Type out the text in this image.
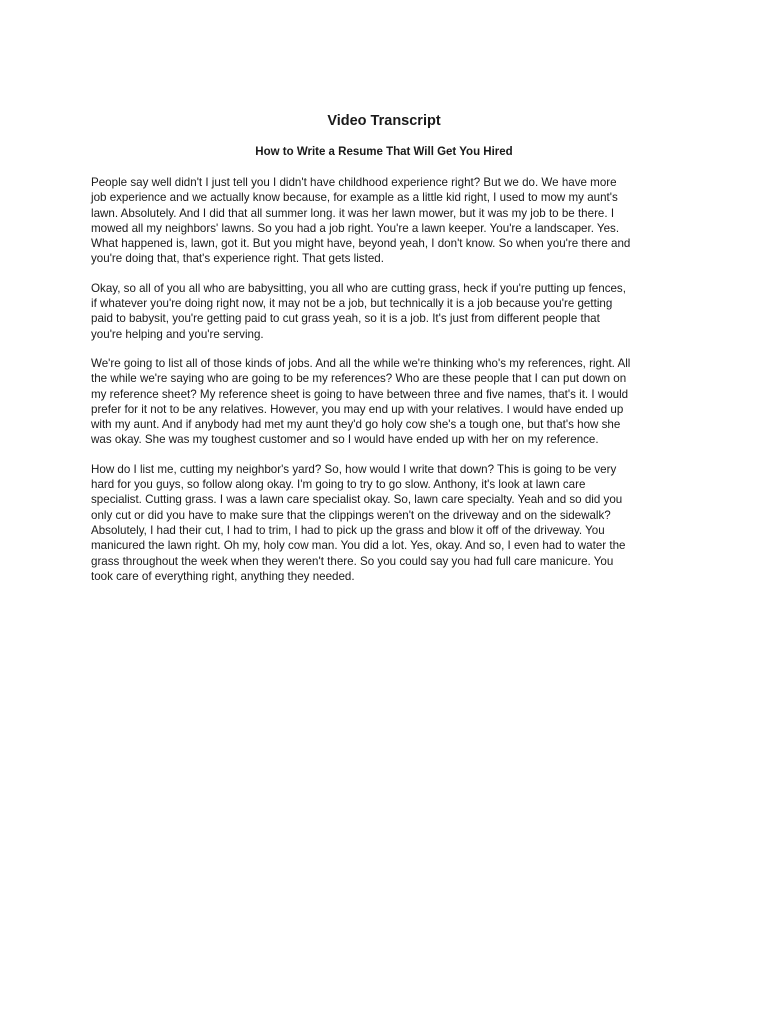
Video Transcript
How to Write a Resume That Will Get You Hired

People say well didn't I just tell you I didn't have childhood experience right? But we do. We have more
job experience and we actually know because, for example as a little kid right, I used to mow my aunt's
lawn. Absolutely. And I did that all summer long. it was her lawn mower, but it was my job to be there. I
mowed all my neighbors' lawns. So you had a job right. You're a lawn keeper. You're a landscaper. Yes.
What happened is, lawn, got it. But you might have, beyond yeah, I don't know. So when you're there and
you're doing that, that's experience right. That gets listed.

Okay, so all of you all who are babysitting, you all who are cutting grass, heck if you're putting up fences,
if whatever you're doing right now, it may not be a job, but technically it is a job because you're getting
paid to babysit, you're getting paid to cut grass yeah, so it is a job. It's just from different people that
you're helping and you're serving.

We're going to list all of those kinds of jobs. And all the while we're thinking who's my references, right. All
the while we're saying who are going to be my references? Who are these people that I can put down on
my reference sheet? My reference sheet is going to have between three and five names, that's it. I would
prefer for it not to be any relatives. However, you may end up with your relatives. I would have ended up
with my aunt. And if anybody had met my aunt they'd go holy cow she's a tough one, but that's how she
was okay. She was my toughest customer and so I would have ended up with her on my reference.

How do I list me, cutting my neighbor's yard? So, how would I write that down? This is going to be very
hard for you guys, so follow along okay. I'm going to try to go slow. Anthony, it's look at lawn care
specialist. Cutting grass. I was a lawn care specialist okay. So, lawn care specialty. Yeah and so did you
only cut or did you have to make sure that the clippings weren't on the driveway and on the sidewalk?
Absolutely, I had their cut, I had to trim, I had to pick up the grass and blow it off of the driveway. You
manicured the lawn right. Oh my, holy cow man. You did a lot. Yes, okay. And so, I even had to water the
grass throughout the week when they weren't there. So you could say you had full care manicure. You
took care of everything right, anything they needed.
